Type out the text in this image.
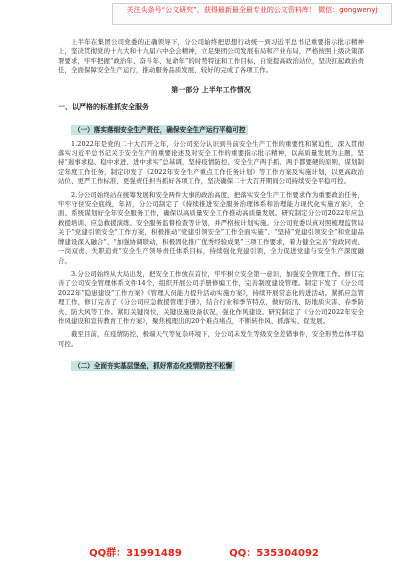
关注头条号“公文研究”，获得最新最全最专业的公文资料库！ 微信：gongwenyj

上半年在集团公司党委的正确领导下，分公司始终把思想行动统一到习近平总书记重要指示批示精神上，坚决贯彻党的十九大和十九届六中全会精神，立足集团公司发展布局和产业布局，严格按照上级决策部署要求，牢牢把握“政治年、奋斗年、复命年”的时势特征和工作目标，自觉提高政治站位，坚决扛起政治责任，全面保障安全生产运行，推动服务品质发展，较好的完成了各项工作。

第一部分 上半年工作情况
一、以严格的标准抓安全服务
（一）落实落细安全生产责任，确保安全生产运行平稳可控

1.2022年是党的二十大召开之年，分公司充分认识到当前安全生产工作的重要性和紧迫性，深入贯彻落实习近平总书记关于安全生产的重要论述及对安全工作的重要指示批示精神，以高质量发展为主题，坚持“遏事求稳、稳中求进、进中求实”总基调，坚持疫情防控、安全生产两手抓、两手都要硬的原则，谋划制定年度工作任务，制定印发了《2022年安全生产重点工作任务计划》等工作方案及实施计划，以更高政治站位、更严工作标准、更强责任担当抓好各项工作，坚决确保二十大召开期间公司持续安全平稳可控。

2.分公司始终站在统筹发展和安全两件大事的政治高度，把落实安全生产工作要求作为重要政治任务，牢牢守住安全底线，年初，分公司制定了《持续推进安全服务治理体系和治理能力现代化实施方案》，全面、系统谋划好全年安全服务工作，确保以高质量安全工作推动高质量发展。研究制定分公司2022年应急救援培训、应急救援演练、安全服务监督检查等计划，并严格按计划实施。分公司党委以真对照梳理监管局关于“党建引领安全”工作方案，积极推动“党建引领安全”工作全面实施“、“坚持“党建引领安全”和党建品牌建设深入融合”、“加强协调联动，积极固化推广优秀经验成果”三项工作要求，着力健全完善“党政同责、一岗双责、失职追责”安全生产领导责任体系目标，持续强化党建引领，全力促进党建与安全生产深度融合。

3.分公司始终从大局出发，把安全工作放在首位，牢牢树立安全第一意识，加强安全管理工作。修订完善了公司安全管理体系文件14个，组织开展公司手册修编工作，完善制度建设管理。制定下发了《分公司2022年“隐患建设”工作方案》《管理人员能力提升活动实施方案》，持续开展常态化的进活动。紧抓应急管理工作，修订完善了《分公司应急救援管理手册》，结合行业和季节特点，做好防汛、防地质灾害、春季防火、防大风等工作。紧盯关键岗位，关键设施设备状况，强化作风建设。研究制定了《分公司2022年安全作风建设和宣传教育工作方案》，聚焦梳理出的20个难点堵点，不断转作风、抓落实、促发展。

截至目前，在疫情防控、极端天气等复杂环境下，分公司未发生等级安全差错事件，安全形势总体平稳可控。

（二）全面夯实基层堡垒，抓好常态化疫情防控不松懈
QQ群：31991489	QQ：535304092
